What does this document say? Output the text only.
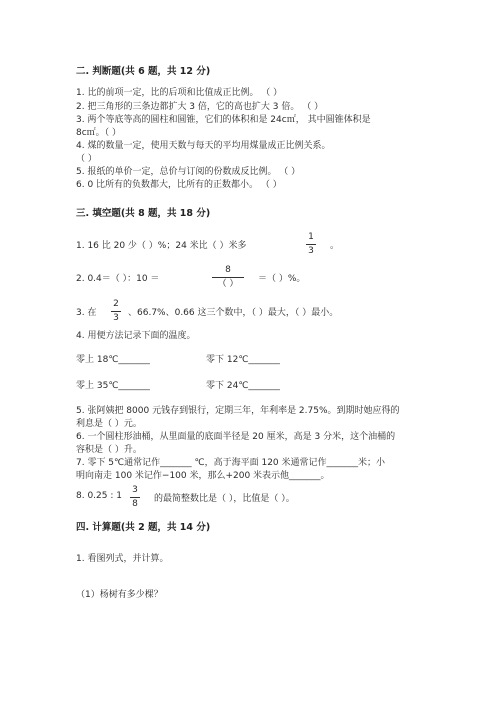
二. 判断题(共 6 题，共 12 分)
1. 比的前项一定，比的后项和比值成正比例。 （ ）
2. 把三角形的三条边都扩大 3 倍，它的高也扩大 3 倍。 （ ）
3. 两个等底等高的圆柱和圆锥，它们的体积和是 24c㎡， 其中圆锥体积是
8c㎡。（ ）
4. 煤的数量一定，使用天数与每天的平均用煤量成正比例关系。
（ ）
5. 报纸的单价一定，总价与订阅的份数成反比例。 （ ）
6. 0 比所有的负数都大，比所有的正数都小。 （ ）
三. 填空题(共 8 题，共 18 分)
1. 16 比 20 少（ ）%；24 米比（ ）米多
1
3 。
2. 0.4＝（ ）：10 ＝
8
（ ）	＝（ ）%。
3. 在
2
3 、66.7%、0.66 这三个数中，（ ）最大，（ ）最小。
4. 用便方法记录下面的温度。
零上 18℃_______	零下 12℃_______
零上 35℃_______	零下 24℃_______
5. 张阿姨把 8000 元钱存到银行，定期三年，年利率是 2.75%。到期时她应得的
利息是（ ）元。
6. 一个圆柱形油桶，从里面量的底面半径是 20 厘米，高是 3 分米，这个油桶的
容积是（ ）升。
7. 零下 5℃通常记作_______ ℃，高于海平面 120 米通常记作_______米；小
明向南走 100 米记作−100 米，那么+200 米表示他_______。
8. 0.25 : 1
3
8 的最简整数比是（ ），比值是（ ）。
四. 计算题(共 2 题，共 14 分)
1. 看图列式，并计算。
（1）杨树有多少棵？
